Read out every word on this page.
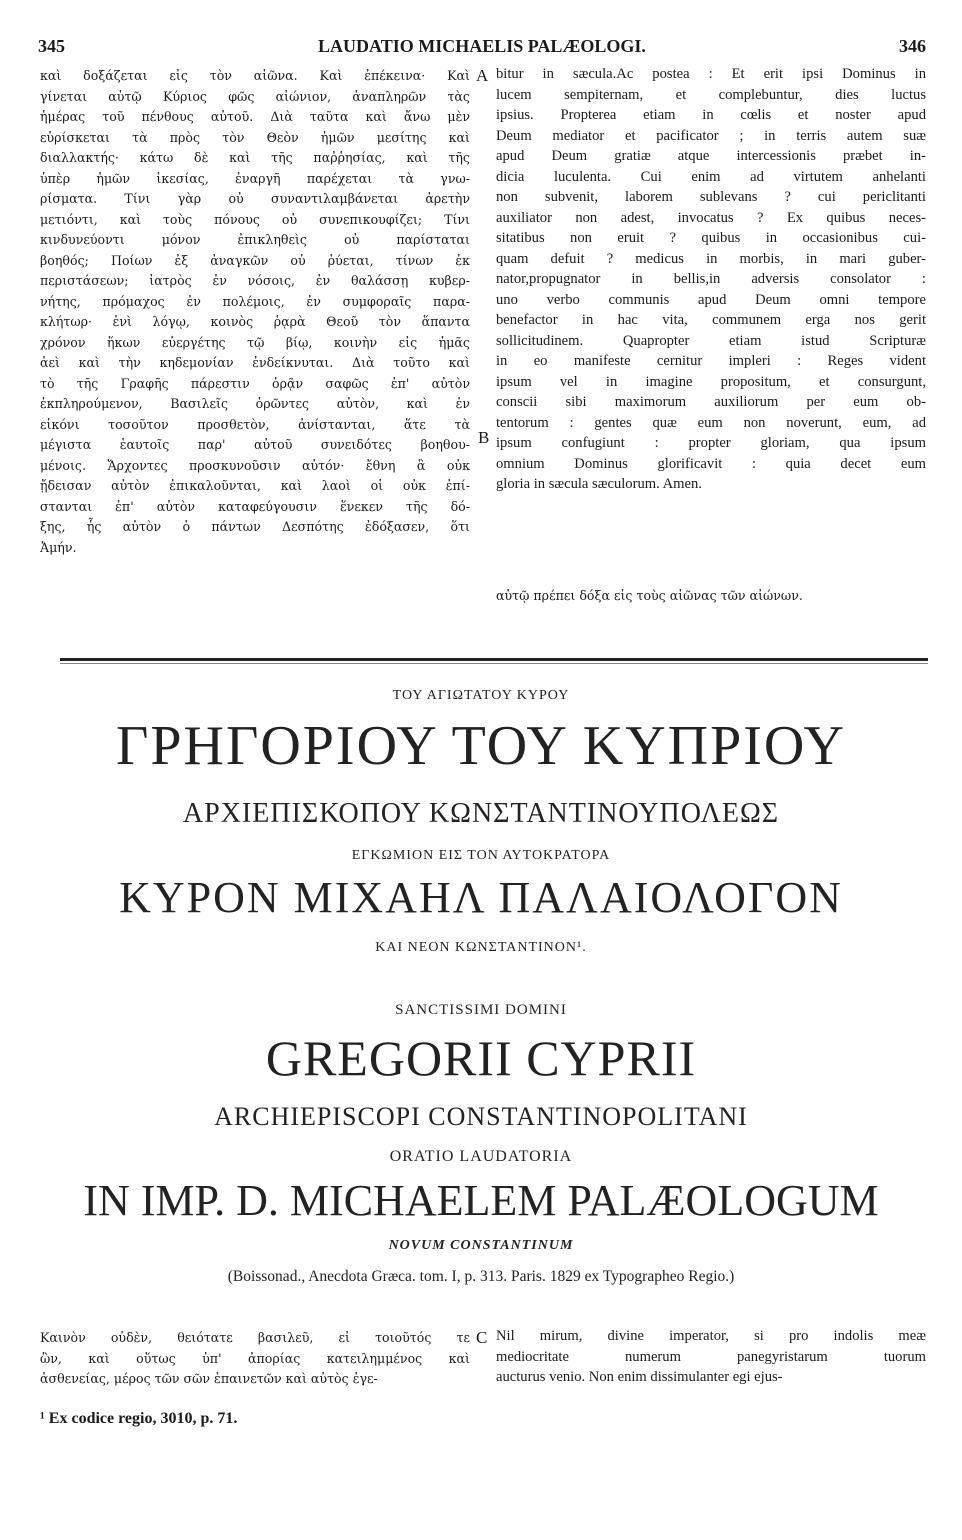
345	LAUDATIO MICHAELIS PALÆOLOGI.	346
καὶ δοξάζεται εἰς τὸν αἰῶνα. Καὶ ἐπέκεινα· Καὶ
γίνεται αὐτῷ Κύριος φῶς αἰώνιον, ἀναπληρῶν τὰς
ἡμέρας τοῦ πένθους αὐτοῦ. Διὰ ταῦτα καὶ ἄνω μὲν
εὑρίσκεται τὰ πρὸς τὸν Θεὸν ἡμῶν μεσίτης καὶ
διαλλακτής· κάτω δὲ καὶ τῆς παῤῥησίας, καὶ τῆς
ὑπὲρ ἡμῶν ἱκεσίας, ἐναργῆ παρέχεται τὰ γνω-
ρίσματα. Τίνι γὰρ οὐ συναντιλαμβάνεται ἀρετὴν
μετιόντι, καὶ τοὺς πόνους οὐ συνεπικουφίζει; Τίνι
κινδυνεύοντι μόνον ἐπικληθεὶς οὐ παρίσταται
βοηθός; Ποίων ἐξ ἀναγκῶν οὐ ῥύεται, τίνων ἐκ
περιστάσεων; ἰατρὸς ἐν νόσοις, ἐν θαλάσσῃ κυβερ-
νήτης, πρόμαχος ἐν πολέμοις, ἐν συμφοραῖς παρα-
κλήτωρ· ἑνὶ λόγῳ, κοινὸς ῥᾳρὰ Θεοῦ τὸν ἅπαντα
χρόνον ἥκων εὐεργέτης τῷ βίῳ, κοινὴν εἰς ἡμᾶς
ἀεὶ καὶ τὴν κηδεμονίαν ἐνδείκνυται. Διὰ τοῦτο καὶ
τὸ τῆς Γραφῆς πάρεστιν ὁρᾷν σαφῶς ἐπ' αὐτὸν
ἐκπληρούμενον, Βασιλεῖς ὁρῶντες αὐτὸν, καὶ ἐν
εἰκόνι τοσοῦτον προσθετὸν, ἀνίστανται, ἅτε τὰ
μέγιστα ἑαυτοῖς παρ' αὐτοῦ συνειδότες βοηθου-
μένοις. Ἄρχοντες προσκυνοῦσιν αὐτόν· ἔθνη ἃ οὐκ
ᾔδεισαν αὐτὸν ἐπικαλοῦνται, καὶ λαοὶ οἱ οὐκ ἐπί-
στανται ἐπ' αὐτὸν καταφεύγουσιν ἕνεκεν τῆς δό-
ξης, ἧς αὐτὸν ὁ πάντων Δεσπότης ἐδόξασεν, ὅτι
Ἀμήν.
bitur in sæcula.Ac postea : Et erit ipsi Dominus in
lucem sempiternam, et complebuntur, dies luctus
ipsius. Propterea etiam in cœlis et noster apud
Deum mediator et pacificator ; in terris autem suæ
apud Deum gratiæ atque intercessionis præbet in-
dicia luculenta. Cui enim ad virtutem anhelanti
non subvenit, laborem sublevans ? cui periclitanti
auxiliator non adest, invocatus ? Ex quibus neces-
sitatibus non eruit ? quibus in occasionibus cui-
quam defuit ? medicus in morbis, in mari guber-
nator,propugnator in bellis,in adversis consolator :
uno verbo communis apud Deum omni tempore
benefactor in hac vita, communem erga nos gerit
sollicitudinem. Quapropter etiam istud Scripturæ
in eo manifeste cernitur impleri : Reges vident
ipsum vel in imagine propositum, et consurgunt,
conscii sibi maximorum auxiliorum per eum ob-
tentorum : gentes quæ eum non noverunt, eum, ad
ipsum confugiunt : propter gloriam, qua ipsum
omnium Dominus glorificavit : quia decet eum
gloria in sæcula sæculorum. Amen.
A
B
αὐτῷ πρέπει δόξα εἰς τοὺς αἰῶνας τῶν αἰώνων.
ΤΟΥ ΑΓΙΩΤΑΤΟΥ ΚΥΡΟΥ
ΓΡΗΓΟΡΙΟΥ ΤΟΥ ΚΥΠΡΙΟΥ
ΑΡΧΙΕΠΙΣΚΟΠΟΥ ΚΩΝΣΤΑΝΤΙΝΟΥΠΟΛΕΩΣ
ΕΓΚΩΜΙΟΝ ΕΙΣ ΤΟΝ ΑΥΤΟΚΡΑΤΟΡΑ
ΚΥΡΟΝ ΜΙΧΑΗΛ ΠΑΛΑΙΟΛΟΓΟΝ
ΚΑΙ ΝΕΟΝ ΚΩΝΣΤΑΝΤΙΝΟΝ¹.
SANCTISSIMI DOMINI
GREGORII CYPRII
ARCHIEPISCOPI CONSTANTINOPOLITANI
ORATIO LAUDATORIA
IN IMP. D. MICHAELEM PALÆOLOGUM
NOVUM CONSTANTINUM
(Boissonad., Anecdota Græca. tom. I, p. 313. Paris. 1829 ex Typographeo Regio.)
Καινὸν οὐδὲν, θειότατε βασιλεῦ, εἰ τοιοῦτός τε
ὢν, καὶ οὕτως ὑπ' ἀπορίας κατειλημμένος καὶ
ἀσθενείας, μέρος τῶν σῶν ἐπαινετῶν καὶ αὐτὸς ἐγε-
Nil mirum, divine imperator, si pro indolis meæ
mediocritate numerum panegyristarum tuorum
aucturus venio. Non enim dissimulanter egi ejus-
C
¹ Ex codice regio, 3010, p. 71.
